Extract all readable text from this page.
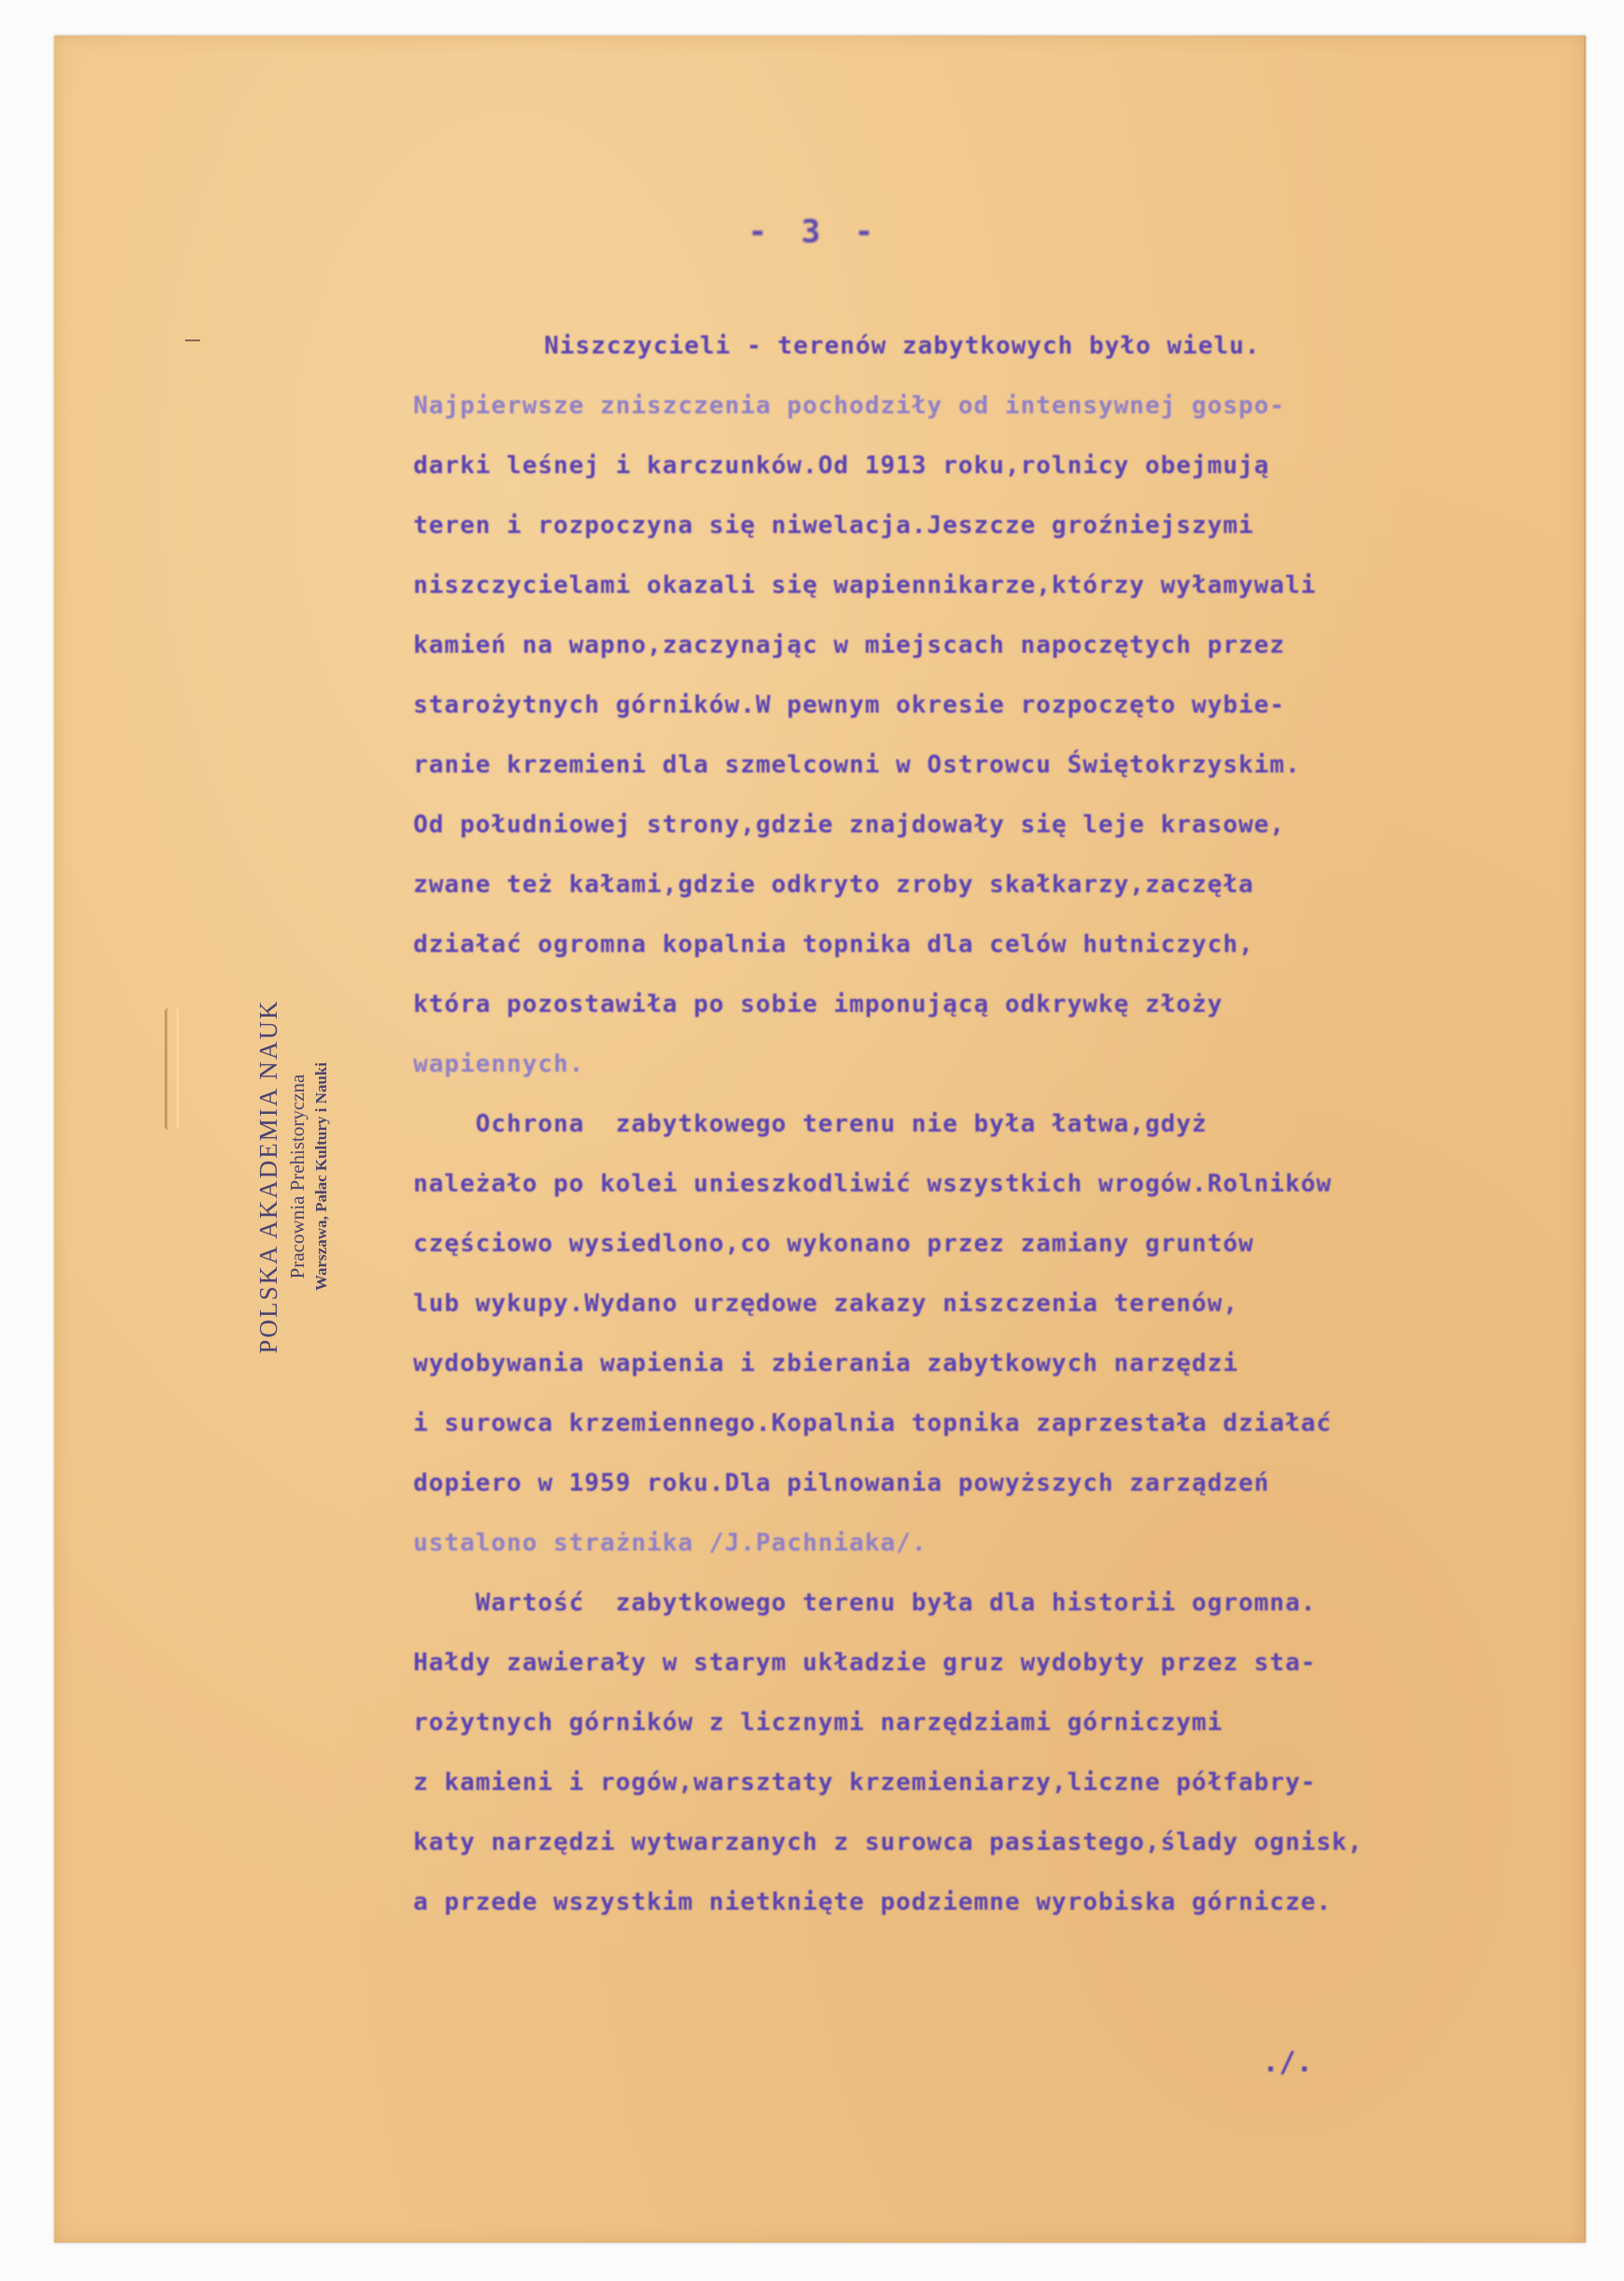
- 3 -
POLSKA AKADEMIA NAUK Pracownia Prehistoryczna Warszawa, Pałac Kultury i Nauki
Niszczycieli - terenów zabytkowych było wielu.
Najpierwsze zniszczenia pochodziły od intensywnej gospo-
darki leśnej i karczunków.Od 1913 roku,rolnicy obejmują
teren i rozpoczyna się niwelacja.Jeszcze groźniejszymi
niszczycielami okazali się wapiennikarze,którzy wyłamywali
kamień na wapno,zaczynając w miejscach napoczętych przez
starożytnych górników.W pewnym okresie rozpoczęto wybie-
ranie krzemieni dla szmelcowni w Ostrowcu Świętokrzyskim.
Od południowej strony,gdzie znajdowały się leje krasowe,
zwane też kałami,gdzie odkryto zroby skałkarzy,zaczęła
działać ogromna kopalnia topnika dla celów hutniczych,
która pozostawiła po sobie imponującą odkrywkę złoży
wapiennych.
Ochrona  zabytkowego terenu nie była łatwa,gdyż
należało po kolei unieszkodliwić wszystkich wrogów.Rolników
częściowo wysiedlono,co wykonano przez zamiany gruntów
lub wykupy.Wydano urzędowe zakazy niszczenia terenów,
wydobywania wapienia i zbierania zabytkowych narzędzi
i surowca krzemiennego.Kopalnia topnika zaprzestała działać
dopiero w 1959 roku.Dla pilnowania powyższych zarządzeń
ustalono strażnika /J.Pachniaka/.
Wartość  zabytkowego terenu była dla historii ogromna.
Hałdy zawierały w starym układzie gruz wydobyty przez sta-
rożytnych górników z licznymi narzędziami górniczymi
z kamieni i rogów,warsztaty krzemieniarzy,liczne półfabry-
katy narzędzi wytwarzanych z surowca pasiastego,ślady ognisk,
a przede wszystkim nietknięte podziemne wyrobiska górnicze.
./.
